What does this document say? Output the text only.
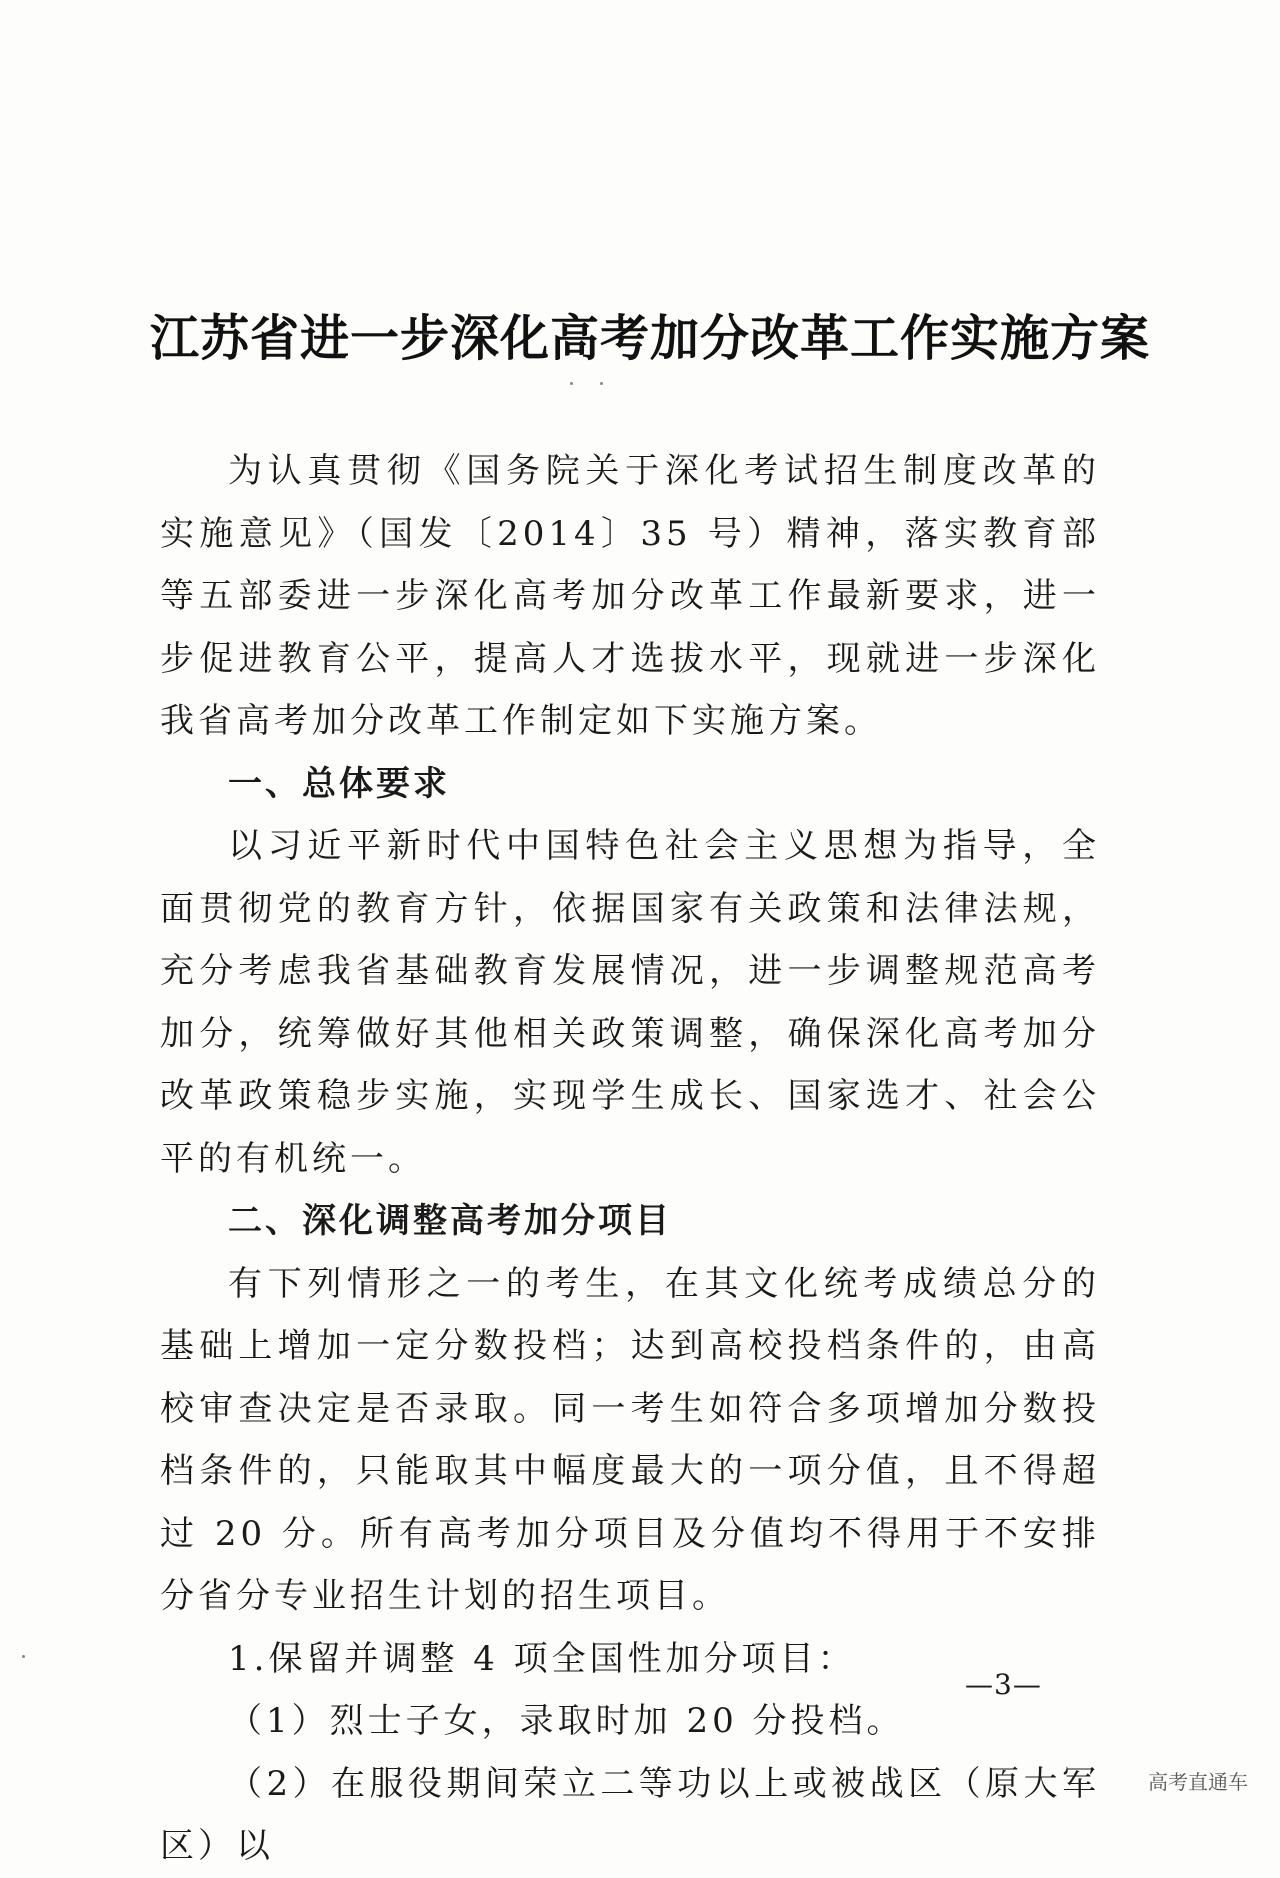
江苏省进一步深化高考加分改革工作实施方案

为认真贯彻《国务院关于深化考试招生制度改革的实施意见》（国发〔2014〕35 号）精神，落实教育部等五部委进一步深化高考加分改革工作最新要求，进一步促进教育公平，提高人才选拔水平，现就进一步深化我省高考加分改革工作制定如下实施方案。

一、总体要求

以习近平新时代中国特色社会主义思想为指导，全面贯彻党的教育方针，依据国家有关政策和法律法规，充分考虑我省基础教育发展情况，进一步调整规范高考加分，统筹做好其他相关政策调整，确保深化高考加分改革政策稳步实施，实现学生成长、国家选才、社会公平的有机统一。

二、深化调整高考加分项目

有下列情形之一的考生，在其文化统考成绩总分的基础上增加一定分数投档；达到高校投档条件的，由高校审查决定是否录取。同一考生如符合多项增加分数投档条件的，只能取其中幅度最大的一项分值，且不得超过 20 分。所有高考加分项目及分值均不得用于不安排分省分专业招生计划的招生项目。

1.保留并调整 4 项全国性加分项目：

（1）烈士子女，录取时加 20 分投档。

（2）在服役期间荣立二等功以上或被战区（原大军区）以

—3—
高考直通车
